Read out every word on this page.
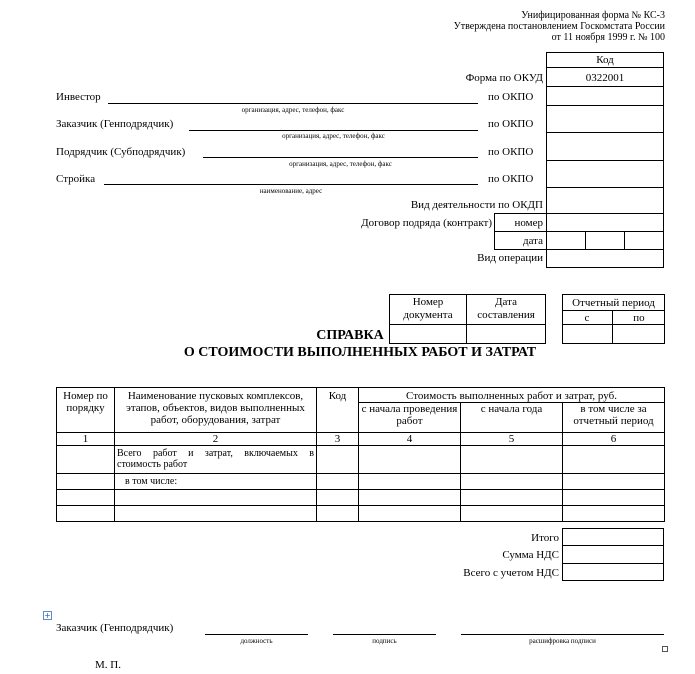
Унифицированная форма № КС-3
Утверждена постановлением Госкомстата России
от 11 ноября 1999 г. № 100
Код
Форма по ОКУД	0322001
Инвестор
организация, адрес, телефон, факс
по ОКПО
Заказчик (Генподрядчик)
организация, адрес, телефон, факс
по ОКПО
Подрядчик (Субподрядчик)
организация, адрес, телефон, факс
по ОКПО
Стройка
наименование, адрес
по ОКПО
Вид деятельности по ОКДП
Договор подряда (контракт)	номер
дата
Вид операции
Номер документа
Дата составления
Отчетный период
с	по
СПРАВКА
О СТОИМОСТИ ВЫПОЛНЕННЫХ РАБОТ И ЗАТРАТ
Номер по порядку	Наименование пусковых комплексов, этапов, объектов, видов выполненных работ, оборудования, затрат	Код	Стоимость выполненных работ и затрат, руб.		
			с начала проведения работ	с начала года	в том числе за отчетный период
1	2	3	4	5	6
	Всего работ и затрат, включаемых в стоимость работ				
	в том числе:				

Итого
Сумма НДС
Всего с учетом НДС
+
Заказчик (Генподрядчик)
должность	подпись	расшифровка подписи
М. П.
